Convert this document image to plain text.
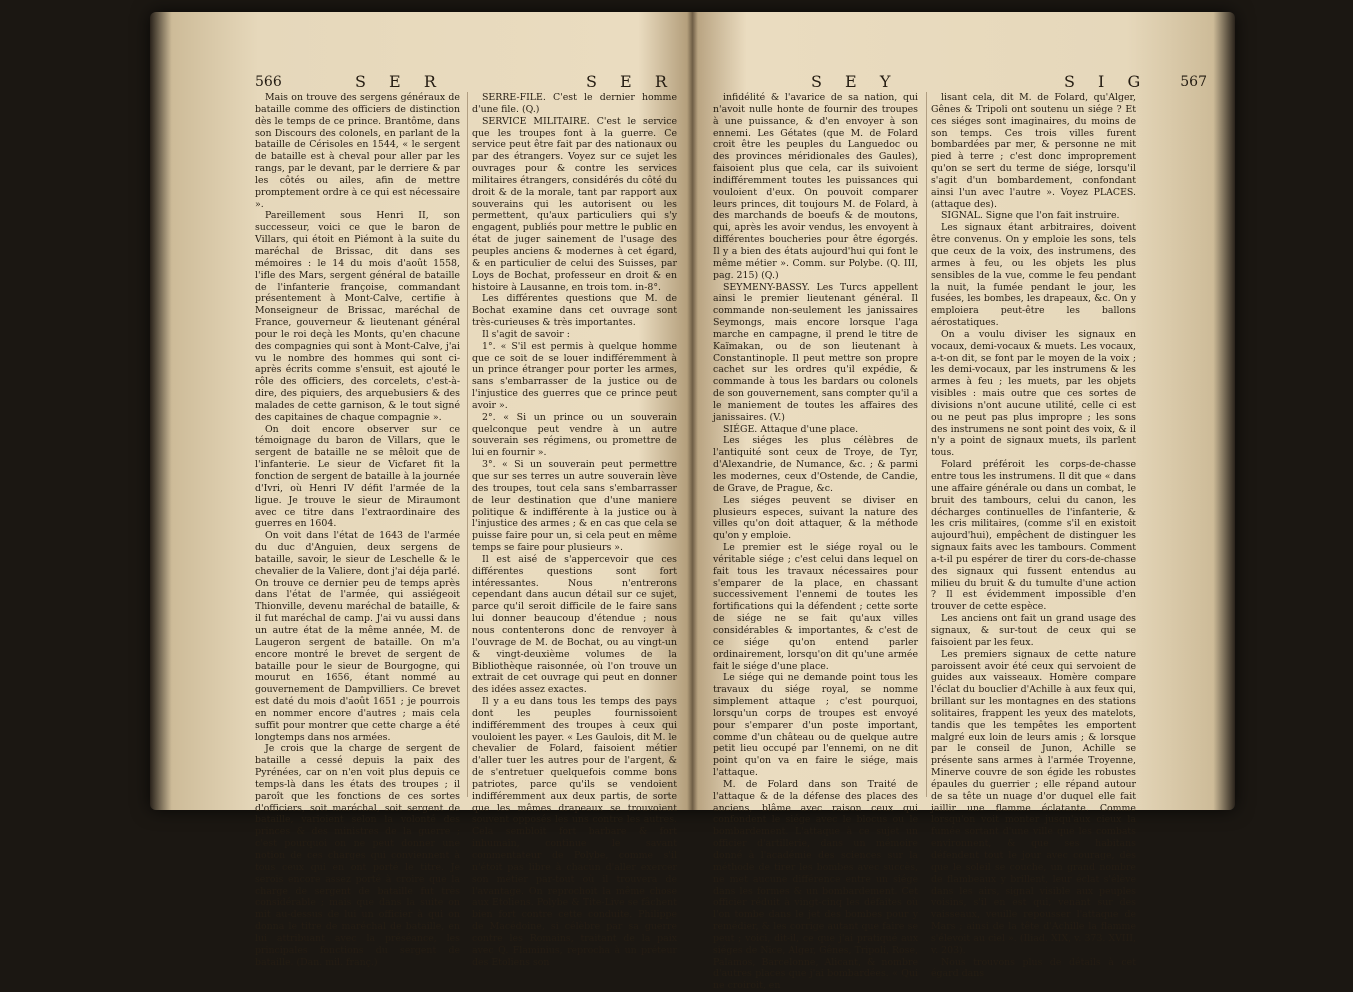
566	S E R	S E R

Mais on trouve des sergens généraux de bataille comme des officiers de distinction dès le temps de ce prince. Brantôme, dans son Discours des colonels, en parlant de la bataille de Cérisoles en 1544, « le sergent de bataille est à cheval pour aller par les rangs, par le devant, par le derriere & par les côtés ou ailes, afin de mettre promptement ordre à ce qui est nécessaire ».

Pareillement sous Henri II, son successeur, voici ce que le baron de Villars, qui étoit en Piémont à la suite du maréchal de Brissac, dit dans ses mémoires : le 14 du mois d'août 1558, l'ifle des Mars, sergent général de bataille de l'infanterie françoise, commandant présentement à Mont-Calve, certifie à Monseigneur de Brissac, maréchal de France, gouverneur & lieutenant général pour le roi deçà les Monts, qu'en chacune des compagnies qui sont à Mont-Calve, j'ai vu le nombre des hommes qui sont ci-après écrits comme s'ensuit, est ajouté le rôle des officiers, des corcelets, c'est-à-dire, des piquiers, des arquebusiers & des malades de cette garnison, & le tout signé des capitaines de chaque compagnie ».

On doit encore observer sur ce témoignage du baron de Villars, que le sergent de bataille ne se mêloit que de l'infanterie. Le sieur de Vicfaret fit la fonction de sergent de bataille à la journée d'Ivri, où Henri IV défit l'armée de la ligue. Je trouve le sieur de Miraumont avec ce titre dans l'extraordinaire des guerres en 1604.

On voit dans l'état de 1643 de l'armée du duc d'Anguien, deux sergens de bataille, savoir, le sieur de Leschelle & le chevalier de la Valiere, dont j'ai déja parlé. On trouve ce dernier peu de temps après dans l'état de l'armée, qui assiégeoit Thionville, devenu maréchal de bataille, & il fut maréchal de camp. J'ai vu aussi dans un autre état de la même année, M. de Laugeron sergent de bataille. On m'a encore montré le brevet de sergent de bataille pour le sieur de Bourgogne, qui mourut en 1656, étant nommé au gouvernement de Dampvilliers. Ce brevet est daté du mois d'août 1651 ; je pourrois en nommer encore d'autres ; mais cela suffit pour montrer que cette charge a été longtemps dans nos armées.

Je crois que la charge de sergent de bataille a cessé depuis la paix des Pyrénées, car on n'en voit plus depuis ce temps-là dans les états des troupes ; il paroît que les fonctions de ces sortes d'officiers, soit maréchal, soit sergent de bataille, varioient selon la volonté des princes & des ministres de la guerre ; c'est pourquoi on ne peut donner une notion de ces charges qui conviennent à tous ceux qui en ont porté le titre. Je serois encore assez porté à croire que la charge de sergent de bataille fut très considérable ; mais que dans la suite on mit au-dessus de lui un officier à qui on donna le titre de maréchal de bataille, en lui attribuant avec la préséance, les principales fonctions du sergent de bataille. (Dan. mil. franç.)

SERRE-FILE. C'est le dernier homme d'une file. (Q.)

SERVICE MILITAIRE. C'est le service que les troupes font à la guerre. Ce service peut être fait par des nationaux ou par des étrangers. Voyez sur ce sujet les ouvrages pour & contre les services militaires étrangers, considérés du côté du droit & de la morale, tant par rapport aux souverains qui les autorisent ou les permettent, qu'aux particuliers qui s'y engagent, publiés pour mettre le public en état de juger sainement de l'usage des peuples anciens & modernes à cet égard, & en particulier de celui des Suisses, par Loys de Bochat, professeur en droit & en histoire à Lausanne, en trois tom. in-8°.

Les différentes questions que M. de Bochat examine dans cet ouvrage sont très-curieuses & très importantes.

Il s'agit de savoir :

1°. « S'il est permis à quelque homme que ce soit de se louer indifféremment à un prince étranger pour porter les armes, sans s'embarrasser de la justice ou de l'injustice des guerres que ce prince peut avoir ».

2°. « Si un prince ou un souverain quelconque peut vendre à un autre souverain ses régimens, ou promettre de lui en fournir ».

3°. « Si un souverain peut permettre que sur ses terres un autre souverain lève des troupes, tout cela sans s'embarrasser de leur destination que d'une maniere politique & indifférente à la justice ou à l'injustice des armes ; & en cas que cela se puisse faire pour un, si cela peut en même temps se faire pour plusieurs ».

Il est aisé de s'appercevoir que ces différentes questions sont fort intéressantes. Nous n'entrerons cependant dans aucun détail sur ce sujet, parce qu'il seroit difficile de le faire sans lui donner beaucoup d'étendue ; nous nous contenterons donc de renvoyer à l'ouvrage de M. de Bochat, ou au vingt-un & vingt-deuxième volumes de la Bibliothèque raisonnée, où l'on trouve un extrait de cet ouvrage qui peut en donner des idées assez exactes.

Il y a eu dans tous les temps des pays dont les peuples fournissoient indifféremment des troupes à ceux qui vouloient les payer. « Les Gaulois, dit M. le chevalier de Folard, faisoient métier d'aller tuer les autres pour de l'argent, & de s'entretuer quelquefois comme bons patriotes, parce qu'ils se vendoient indifféremment aux deux partis, de sorte que les mêmes drapeaux se trouvoient souvent opposés les uns contre les autres. Cela sembloit fort barbare & fort inhumain, continue le savant commentateur de Polybe, comme s'il n'étoit pas libre à chacun d'aller exercer son métier par-tout où il trouvera de l'avantage. On reprochoit la même chose aux Etoliens. Polybe & Tite-Live se fâchent bien fort contre cette conduite. Philippe de Macédoine, si célèbre par sa guerre contre les Romains, traitant de la paix avec Q. Flaminius, reprocha à un préteur des Etoliens son

567
S E Y	S I G

infidélité & l'avarice de sa nation, qui n'avoit nulle honte de fournir des troupes à une puissance, & d'en envoyer à son ennemi. Les Gétates (que M. de Folard croit être les peuples du Languedoc ou des provinces méridionales des Gaules), faisoient plus que cela, car ils suivoient indifféremment toutes les puissances qui vouloient d'eux. On pouvoit comparer leurs princes, dit toujours M. de Folard, à des marchands de boeufs & de moutons, qui, après les avoir vendus, les envoyent à différentes boucheries pour être égorgés. Il y a bien des états aujourd'hui qui font le même métier ». Comm. sur Polybe. (Q. III, pag. 215) (Q.)

SEYMENY-BASSY. Les Turcs appellent ainsi le premier lieutenant général. Il commande non-seulement les janissaires Seymongs, mais encore lorsque l'aga marche en campagne, il prend le titre de Kaïmakan, ou de son lieutenant à Constantinople. Il peut mettre son propre cachet sur les ordres qu'il expédie, & commande à tous les bardars ou colonels de son gouvernement, sans compter qu'il a le maniement de toutes les affaires des janissaires. (V.)

SIÉGE. Attaque d'une place.

Les siéges les plus célèbres de l'antiquité sont ceux de Troye, de Tyr, d'Alexandrie, de Numance, &c. ; & parmi les modernes, ceux d'Ostende, de Candie, de Grave, de Prague, &c.

Les siéges peuvent se diviser en plusieurs especes, suivant la nature des villes qu'on doit attaquer, & la méthode qu'on y emploie.

Le premier est le siége royal ou le véritable siége ; c'est celui dans lequel on fait tous les travaux nécessaires pour s'emparer de la place, en chassant successivement l'ennemi de toutes les fortifications qui la défendent ; cette sorte de siége ne se fait qu'aux villes considérables & importantes, & c'est de ce siége qu'on entend parler ordinairement, lorsqu'on dit qu'une armée fait le siége d'une place.

Le siége qui ne demande point tous les travaux du siége royal, se nomme simplement attaque ; c'est pourquoi, lorsqu'un corps de troupes est envoyé pour s'emparer d'un poste important, comme d'un château ou de quelque autre petit lieu occupé par l'ennemi, on ne dit point qu'on va en faire le siége, mais l'attaque.

M. de Folard dans son Traité de l'attaque & de la défense des places des anciens, blâme avec raison ceux qui confondent le siége avec le blocus ou le bombardement. L'attaque à ce sujet un officier d'artillerie, dans un mémoire donné à l'académie des sciences sur la méthode de tirer les bombes avec succès, ne met aucune différence entre un siége dans les formes & un bombardement. Cet officier réduit à vingt-cinq les défaites où l'on tombe dans le jet des bombes pour y remédier, & les corrige autant que faire se peut ; voici, dit-il, ce que j'ai pratiqué aux siéges de Nice, Alger, Gênes, Tripoli, Rose, Palamos, Barcelonne, Alicant, & nombre d'autres places que j'ai bombardées. « Qui ne croiroit, en

lisant cela, dit M. de Folard, qu'Alger, Gênes & Tripoli ont soutenu un siége ? Et ces siéges sont imaginaires, du moins de son temps. Ces trois villes furent bombardées par mer, & personne ne mit pied à terre ; c'est donc improprement qu'on se sert du terme de siége, lorsqu'il s'agit d'un bombardement, confondant ainsi l'un avec l'autre ». Voyez PLACES. (attaque des).

SIGNAL. Signe que l'on fait instruire.

Les signaux étant arbitraires, doivent être convenus. On y emploie les sons, tels que ceux de la voix, des instrumens, des armes à feu, ou les objets les plus sensibles de la vue, comme le feu pendant la nuit, la fumée pendant le jour, les fusées, les bombes, les drapeaux, &c. On y emploiera peut-être les ballons aérostatiques.

On a voulu diviser les signaux en vocaux, demi-vocaux & muets. Les vocaux, a-t-on dit, se font par le moyen de la voix ; les demi-vocaux, par les instrumens & les armes à feu ; les muets, par les objets visibles : mais outre que ces sortes de divisions n'ont aucune utilité, celle ci est ou ne peut pas plus impropre ; les sons des instrumens ne sont point des voix, & il n'y a point de signaux muets, ils parlent tous.

Folard préféroit les corps-de-chasse entre tous les instrumens. Il dit que « dans une affaire générale ou dans un combat, le bruit des tambours, celui du canon, les décharges continuelles de l'infanterie, & les cris militaires, (comme s'il en existoit aujourd'hui), empêchent de distinguer les signaux faits avec les tambours. Comment a-t-il pu espérer de tirer du cors-de-chasse des signaux qui fussent entendus au milieu du bruit & du tumulte d'une action ? Il est évidemment impossible d'en trouver de cette espèce.

Les anciens ont fait un grand usage des signaux, & sur-tout de ceux qui se faisoient par les feux.

Les premiers signaux de cette nature paroissent avoir été ceux qui servoient de guides aux vaisseaux. Homère compare l'éclat du bouclier d'Achille à aux feux qui, brillant sur les montagnes en des stations solitaires, frappent les yeux des matelots, tandis que les tempêtes les emportent malgré eux loin de leurs amis ; & lorsque par le conseil de Junon, Achille se présente sans armes à l'armée Troyenne, Minerve couvre de son égide les robustes épaules du guerrier ; elle répand autour de sa tête un nuage d'or duquel elle fait jaillir une flamme éclatante. Comme lorsqu'on voit monter jusqu'aux cieux la fumée sortant d'une ville que les combats environnent, & que ses habitans défendent tout le jour avec courage, dès que le soleil se couche, un grand nombre de flambeaux y brillent, leur éclat s'élève dans les airs, signal visible aux peuples voisins, s'il en est qui, venant sur des vaisseaux, veuille repousser l'attaque de Mars ; ainsi de la tête d'Achille la flamme s'élevoit au ciel ». (Iliad. XIX, v. 373. XVIII, v. 203).

Nous trouvons plus de détails à cet égard dans
